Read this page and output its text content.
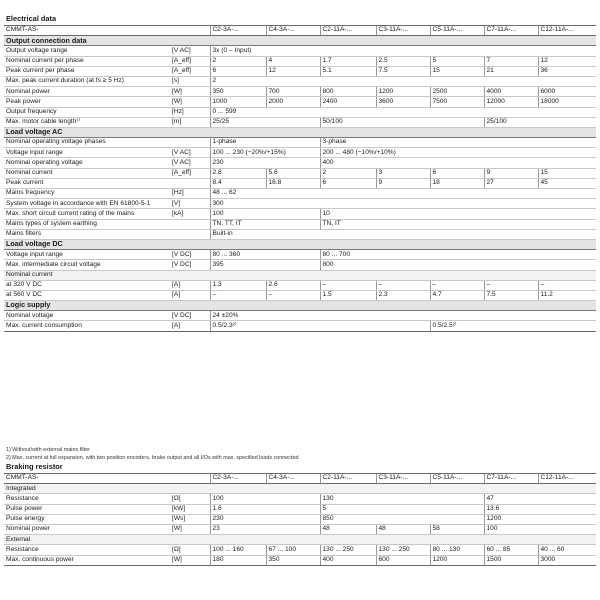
Electrical data								
CMMT-AS-		C2-3A-...	C4-3A-...	C2-11A-...	C3-11A-...	C5-11A-...	C7-11A-...	C12-11A-...
Output connection data								
Output voltage range	[V AC]	3x (0 – Input)						
Nominal current per phase	[A_eff]	2	4	1.7	2.5	5	7	12
Peak current per phase	[A_eff]	6	12	5.1	7.5	15	21	36
Max. peak current duration (at fs ≥ 5 Hz)	[s]	2						
Nominal power	[W]	350	700	800	1200	2500	4000	6000
Peak power	[W]	1000	2000	2400	3600	7500	12000	18000
Output frequency	[Hz]	0 ... 599						
Max. motor cable length¹⁾	[m]	25/25		50/100			25/100	
Load voltage AC								
Nominal operating voltage phases		1-phase		3-phase				
Voltage input range	[V AC]	100 ... 230 (−20%/+15%)		200 ... 480 (−10%/+10%)				
Nominal operating voltage	[V AC]	230		400				
Nominal current	[A_eff]	2.8	5.6	2	3	6	9	15
Peak current		8.4	16.8	6	9	18	27	45
Mains frequency	[Hz]	48 ... 62						
System voltage in accordance with EN 61800-5-1	[V]	300						
Max. short circuit current rating of the mains	[kA]	100		10				
Mains types of system earthing		TN, TT, IT		TN, IT				
Mains filters		Built-in						
Load voltage DC								
Voltage input range	[V DC]	80 ... 360		80 ... 700				
Max. intermediate circuit voltage	[V DC]	395		800				
Nominal current								
at 320 V DC	[A]	1.3	2.6	–	–	–	–	–
at 560 V DC	[A]	–	–	1.5	2.3	4.7	7.5	11.2
Logic supply								
Nominal voltage	[V DC]	24 ±20%						
Max. current consumption	[A]	0.5/2.3²⁾				0.5/2.5²⁾		
1) Without/with external mains filter
2) Max. current at full expansion, with two position encoders, brake output and all I/Os with max. specified loads connected
Braking resistor								
CMMT-AS-		C2-3A-...	C4-3A-...	C2-11A-...	C3-11A-...	C5-11A-...	C7-11A-...	C12-11A-...
Integrated								
Resistance	[Ω]	100		130			47	
Pulse power	[kW]	1.6		5			13.6	
Pulse energy	[Ws]	230		850			1200	
Nominal power	[W]	23		48	48	58	100	
External								
Resistance	[Ω]	100 ... 160	67 ... 100	130 ... 250	130 ... 250	80 ... 130	60 ... 85	40 ... 60
Max. continuous power	[W]	180	350	400	600	1200	1500	3000
